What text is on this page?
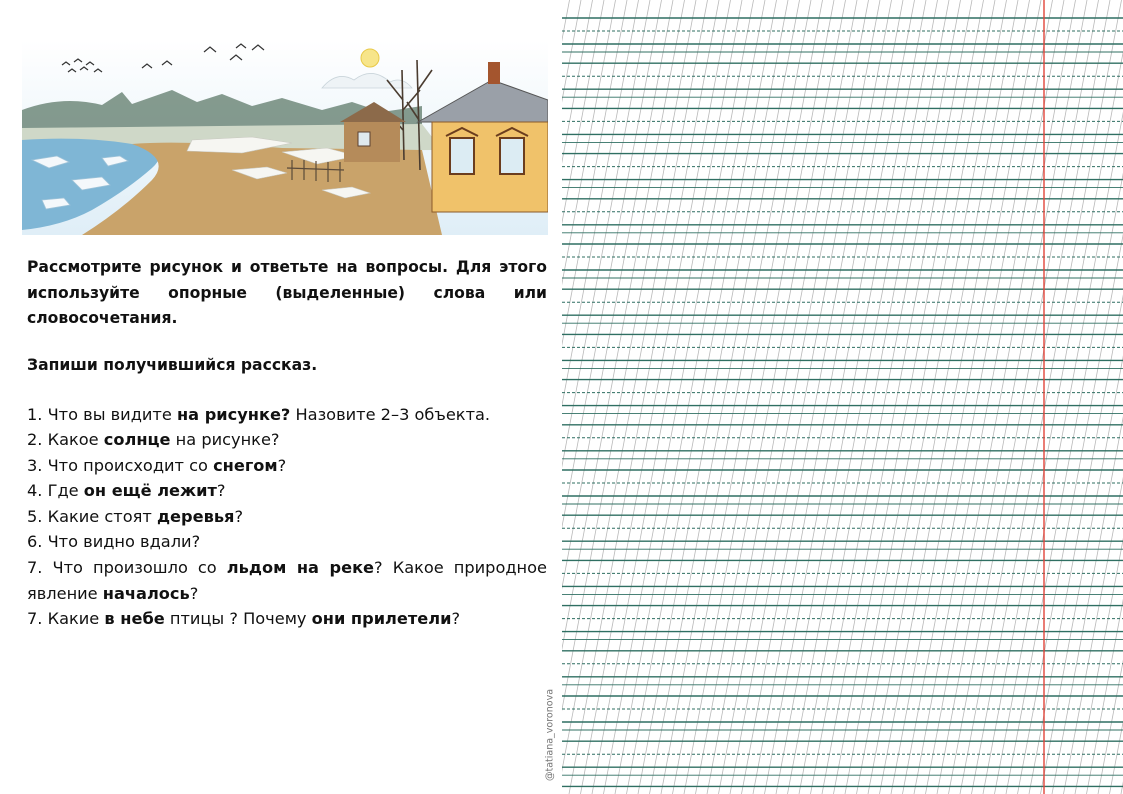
Рассмотрите рисунок и ответьте на вопросы. Для этого используйте опорные (выделенные) слова или словосочетания.

Запиши получившийся рассказ.

1. Что вы видите на рисунке? Назовите 2–3 объекта.
2. Какое солнце на рисунке?
3. Что происходит со снегом?
4. Где он ещё лежит?
5. Какие стоят деревья?
6. Что видно вдали?
7. Что произошло со льдом на реке? Какое природное явление началось?
7. Какие в небе птицы ? Почему они прилетели?
@tatiana_voronova
